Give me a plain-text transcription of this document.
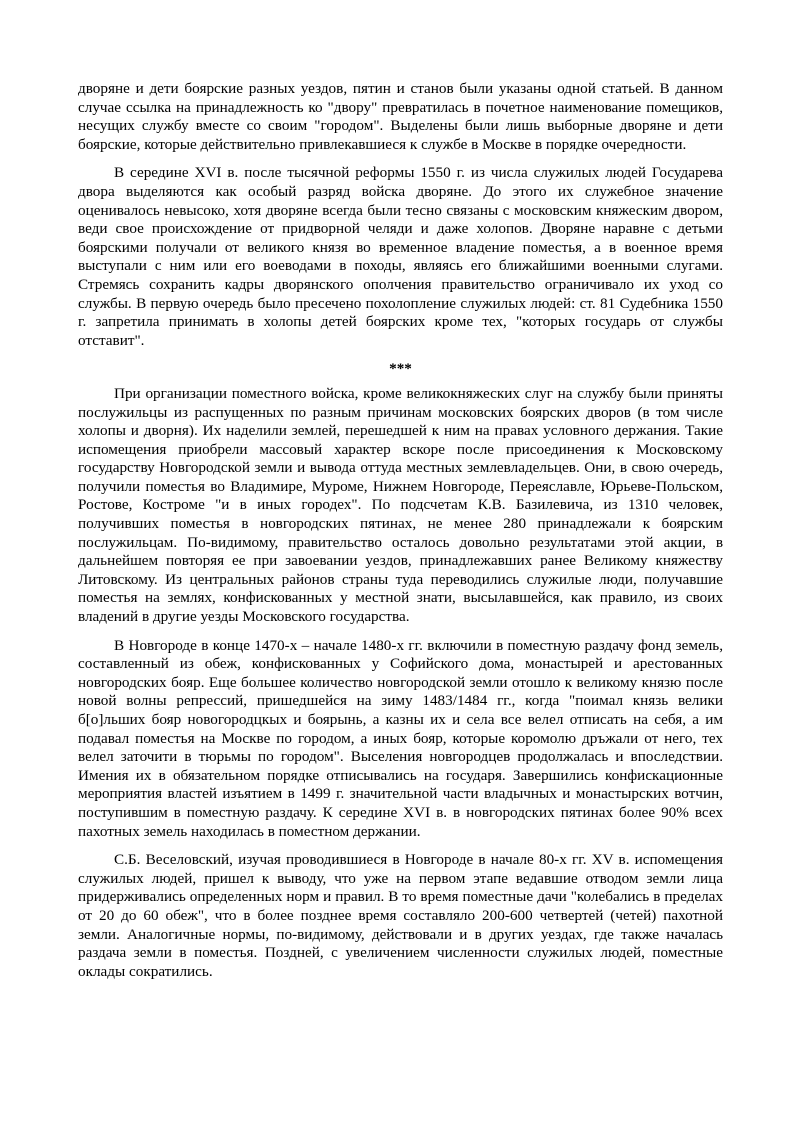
дворяне и дети боярские разных уездов, пятин и станов были указаны одной статьей. В данном случае ссылка на принадлежность ко "двору" превратилась в почетное наименование помещиков, несущих службу вместе со своим "городом". Выделены были лишь выборные дворяне и дети боярские, которые действительно привлекавшиеся к службе в Москве в порядке очередности.

В середине XVI в. после тысячной реформы 1550 г. из числа служилых людей Государева двора выделяются как особый разряд войска дворяне. До этого их служебное значение оценивалось невысоко, хотя дворяне всегда были тесно связаны с московским княжеским двором, веди свое происхождение от придворной челяди и даже холопов. Дворяне наравне с детьми боярскими получали от великого князя во временное владение поместья, а в военное время выступали с ним или его воеводами в походы, являясь его ближайшими военными слугами. Стремясь сохранить кадры дворянского ополчения правительство ограничивало их уход со службы. В первую очередь было пресечено похолопление служилых людей: ст. 81 Судебника 1550 г. запретила принимать в холопы детей боярских кроме тех, "которых государь от службы отставит".

***

При организации поместного войска, кроме великокняжеских слуг на службу были приняты послужильцы из распущенных по разным причинам московских боярских дворов (в том числе холопы и дворня). Их наделили землей, перешедшей к ним на правах условного держания. Такие испомещения приобрели массовый характер вскоре после присоединения к Московскому государству Новгородской земли и вывода оттуда местных землевладельцев. Они, в свою очередь, получили поместья во Владимире, Муроме, Нижнем Новгороде, Переяславле, Юрьеве-Польском, Ростове, Костроме "и в иных городех". По подсчетам К.В. Базилевича, из 1310 человек, получивших поместья в новгородских пятинах, не менее 280 принадлежали к боярским послужильцам. По-видимому, правительство осталось довольно результатами этой акции, в дальнейшем повторяя ее при завоевании уездов, принадлежавших ранее Великому княжеству Литовскому. Из центральных районов страны туда переводились служилые люди, получавшие поместья на землях, конфискованных у местной знати, высылавшейся, как правило, из своих владений в другие уезды Московского государства.

В Новгороде в конце 1470-х – начале 1480-х гг. включили в поместную раздачу фонд земель, составленный из обеж, конфискованных у Софийского дома, монастырей и арестованных новгородских бояр. Еще большее количество новгородской земли отошло к великому князю после новой волны репрессий, пришедшейся на зиму 1483/1484 гг., когда "поимал князь велики б[о]льших бояр новогородцкых и боярынь, а казны их и села все велел отписать на себя, а им подавал поместья на Москве по городом, а иных бояр, которые коромолю дръжали от него, тех велел заточити в тюрьмы по городом". Выселения новгородцев продолжалась и впоследствии. Имения их в обязательном порядке отписывались на государя. Завершились конфискационные мероприятия властей изъятием в 1499 г. значительной части владычных и монастырских вотчин, поступившим в поместную раздачу. К середине XVI в. в новгородских пятинах более 90% всех пахотных земель находилась в поместном держании.

С.Б. Веселовский, изучая проводившиеся в Новгороде в начале 80-х гг. XV в. испомещения служилых людей, пришел к выводу, что уже на первом этапе ведавшие отводом земли лица придерживались определенных норм и правил. В то время поместные дачи "колебались в пределах от 20 до 60 обеж", что в более позднее время составляло 200-600 четвертей (четей) пахотной земли. Аналогичные нормы, по-видимому, действовали и в других уездах, где также началась раздача земли в поместья. Поздней, с увеличением численности служилых людей, поместные оклады сократились.
